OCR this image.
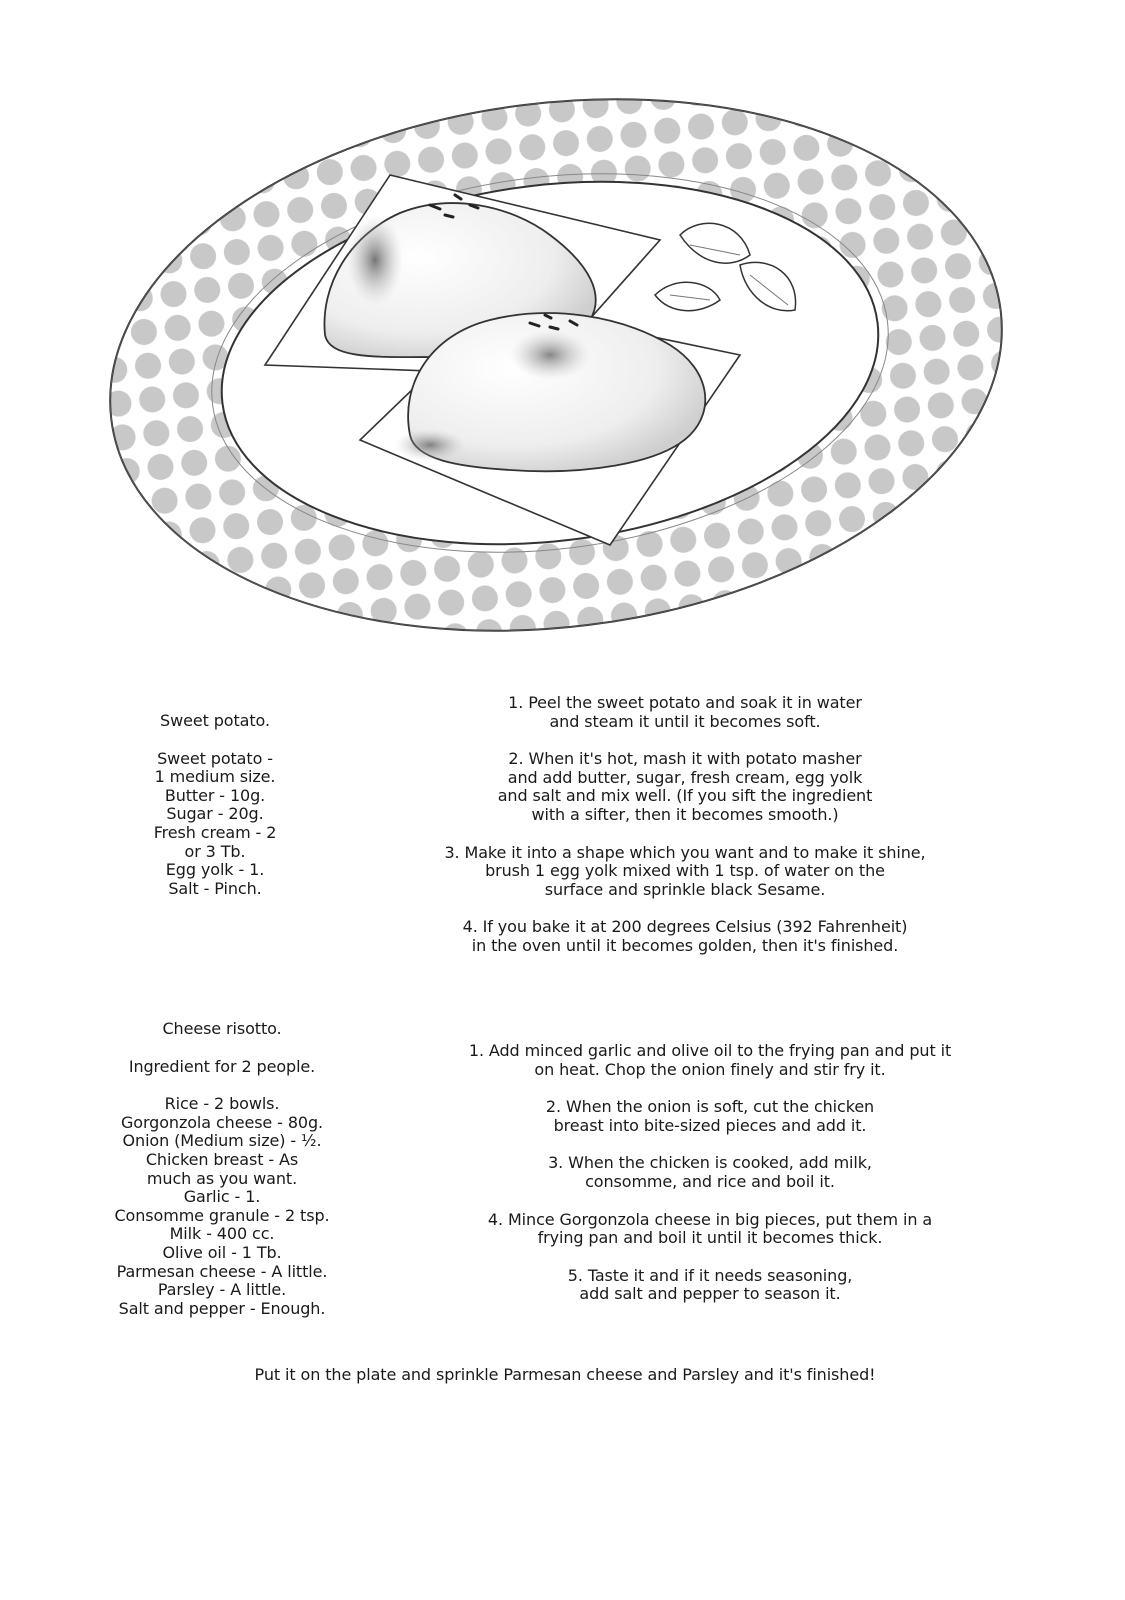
Sweet potato.

Sweet potato -

1 medium size.

Butter - 10g.

Sugar - 20g.

Fresh cream - 2

or 3 Tb.

Egg yolk - 1.

Salt - Pinch.

1. Peel the sweet potato and soak it in water
and steam it until it becomes soft.

2. When it's hot, mash it with potato masher
and add butter, sugar, fresh cream, egg yolk
and salt and mix well. (If you sift the ingredient
with a sifter, then it becomes smooth.)

3. Make it into a shape which you want and to make it shine,
brush 1 egg yolk mixed with 1 tsp. of water on the
surface and sprinkle black Sesame.

4. If you bake it at 200 degrees Celsius (392 Fahrenheit)
in the oven until it becomes golden, then it's finished.

Cheese risotto.

Ingredient for 2 people.

Rice - 2 bowls.

Gorgonzola cheese - 80g.

Onion (Medium size) - ½.

Chicken breast - As

much as you want.

Garlic - 1.

Consomme granule - 2 tsp.

Milk - 400 cc.

Olive oil - 1 Tb.

Parmesan cheese - A little.

Parsley - A little.

Salt and pepper - Enough.

1. Add minced garlic and olive oil to the frying pan and put it
on heat. Chop the onion finely and stir fry it.

2. When the onion is soft, cut the chicken
breast into bite-sized pieces and add it.

3. When the chicken is cooked, add milk,
consomme, and rice and boil it.

4. Mince Gorgonzola cheese in big pieces, put them in a
frying pan and boil it until it becomes thick.

5. Taste it and if it needs seasoning,
add salt and pepper to season it.

Put it on the plate and sprinkle Parmesan cheese and Parsley and it's finished!
